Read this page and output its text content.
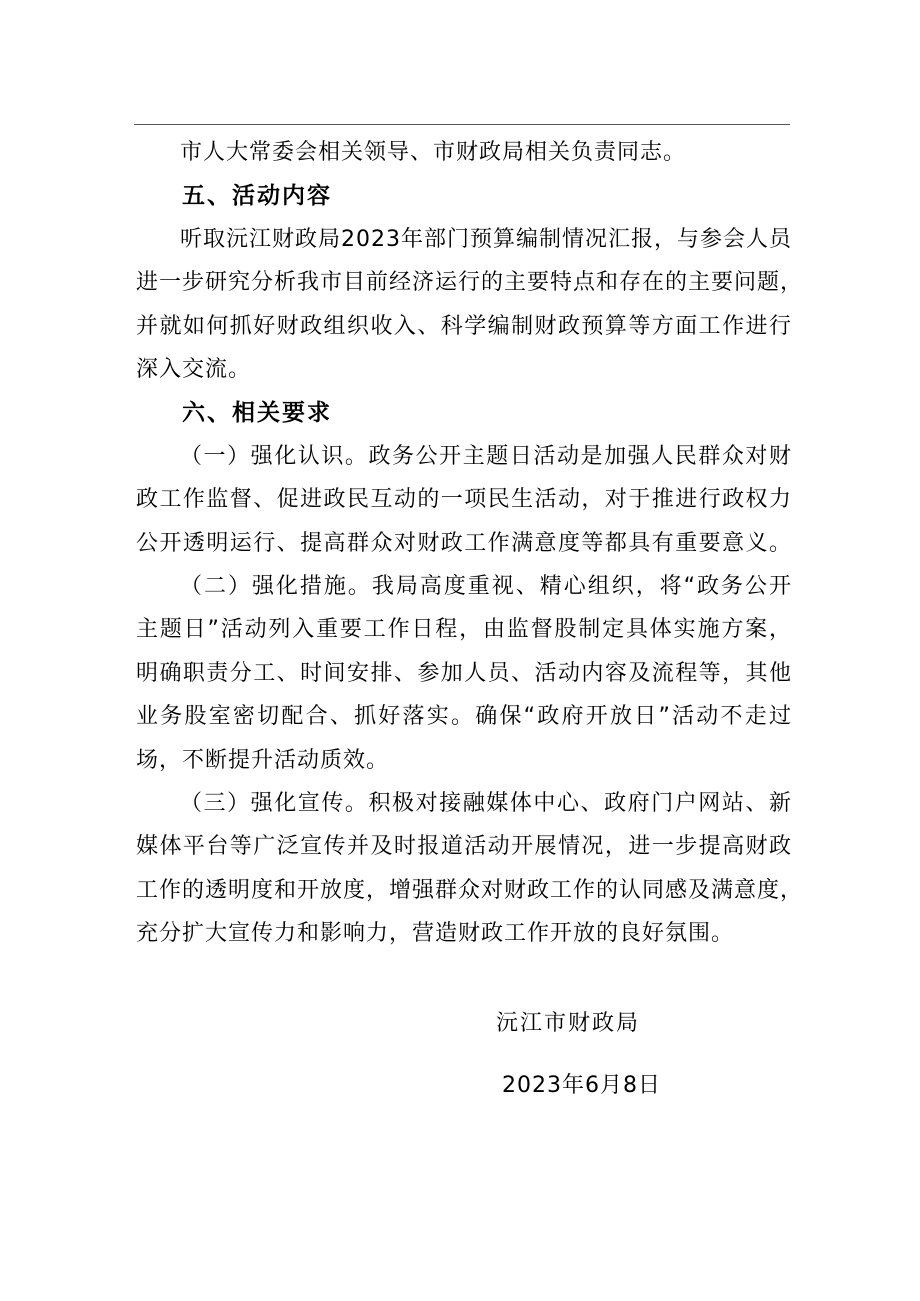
市人大常委会相关领导、市财政局相关负责同志。
五、活动内容
听取沅江财政局2023年部门预算编制情况汇报，与参会人员
进一步研究分析我市目前经济运行的主要特点和存在的主要问题，
并就如何抓好财政组织收入、科学编制财政预算等方面工作进行
深入交流。
六、相关要求
（一）强化认识。政务公开主题日活动是加强人民群众对财
政工作监督、促进政民互动的一项民生活动，对于推进行政权力
公开透明运行、提高群众对财政工作满意度等都具有重要意义。
（二）强化措施。我局高度重视、精心组织，将“政务公开
主题日”活动列入重要工作日程，由监督股制定具体实施方案，
明确职责分工、时间安排、参加人员、活动内容及流程等，其他
业务股室密切配合、抓好落实。确保“政府开放日”活动不走过
场，不断提升活动质效。
（三）强化宣传。积极对接融媒体中心、政府门户网站、新
媒体平台等广泛宣传并及时报道活动开展情况，进一步提高财政
工作的透明度和开放度，增强群众对财政工作的认同感及满意度，
充分扩大宣传力和影响力，营造财政工作开放的良好氛围。
沅江市财政局
2023年6月8日
